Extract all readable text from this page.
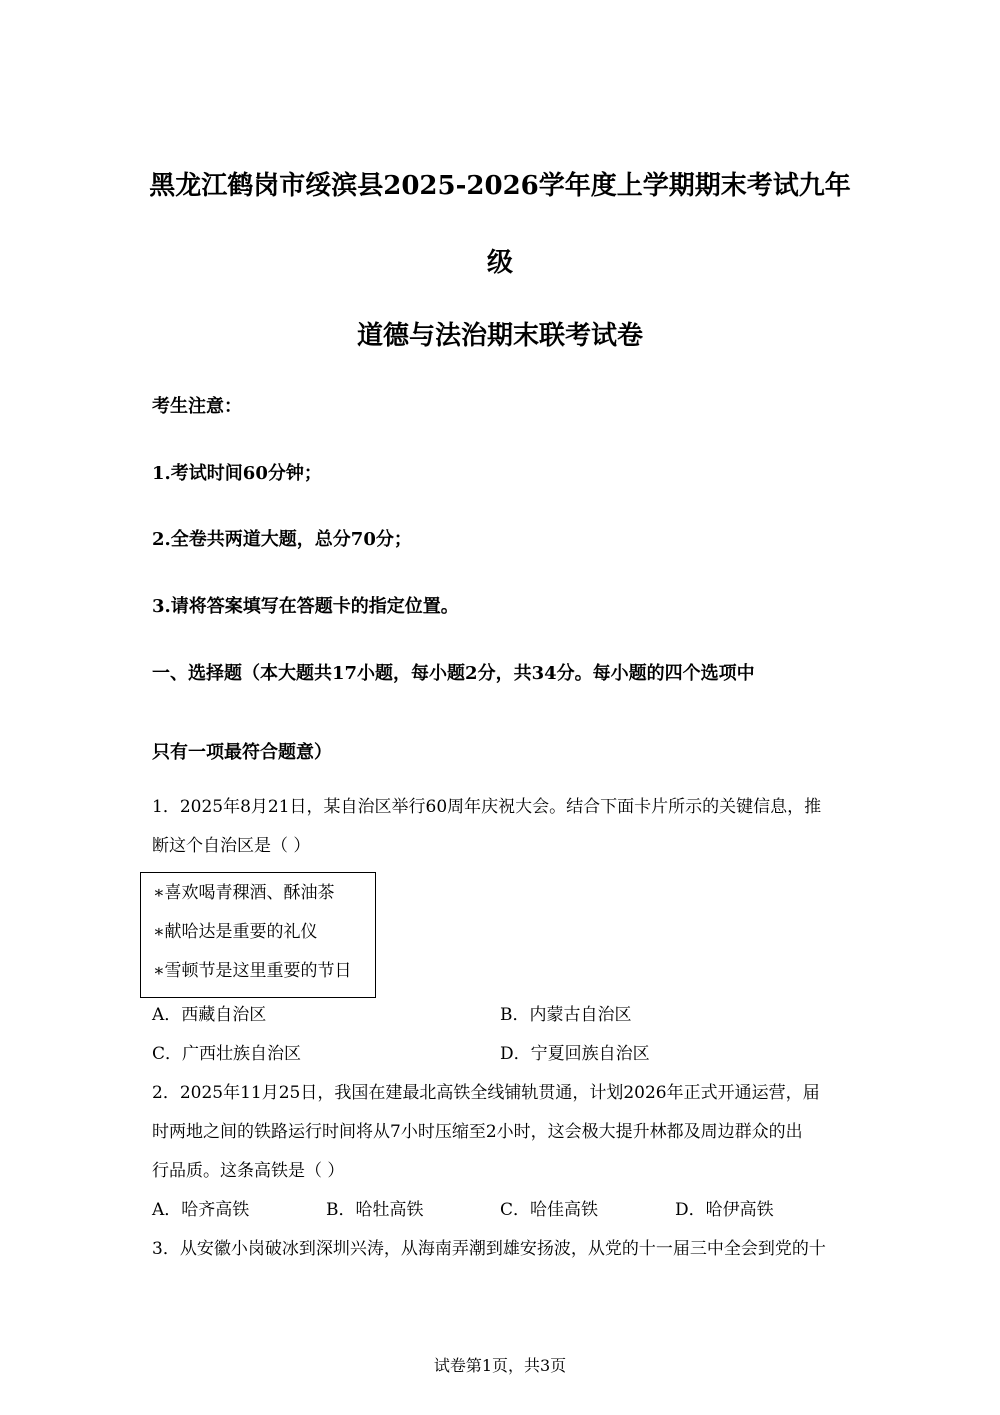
黑龙江鹤岗市绥滨县2025-2026学年度上学期期末考试九年
级
道德与法治期末联考试卷
考生注意：
1.考试时间60分钟；
2.全卷共两道大题，总分70分；
3.请将答案填写在答题卡的指定位置。
一、选择题（本大题共17小题，每小题2分，共34分。每小题的四个选项中
只有一项最符合题意）
1．2025年8月21日，某自治区举行60周年庆祝大会。结合下面卡片所示的关键信息，推
断这个自治区是（ ）
∗喜欢喝青稞酒、酥油茶
∗献哈达是重要的礼仪
∗雪顿节是这里重要的节日
A．西藏自治区	B．内蒙古自治区
C．广西壮族自治区	D．宁夏回族自治区
2．2025年11月25日，我国在建最北高铁全线铺轨贯通，计划2026年正式开通运营，届
时两地之间的铁路运行时间将从7小时压缩至2小时，这会极大提升林都及周边群众的出
行品质。这条高铁是（ ）
A．哈齐高铁	B．哈牡高铁	C．哈佳高铁	D．哈伊高铁
3．从安徽小岗破冰到深圳兴涛，从海南弄潮到雄安扬波，从党的十一届三中全会到党的十
试卷第1页，共3页
